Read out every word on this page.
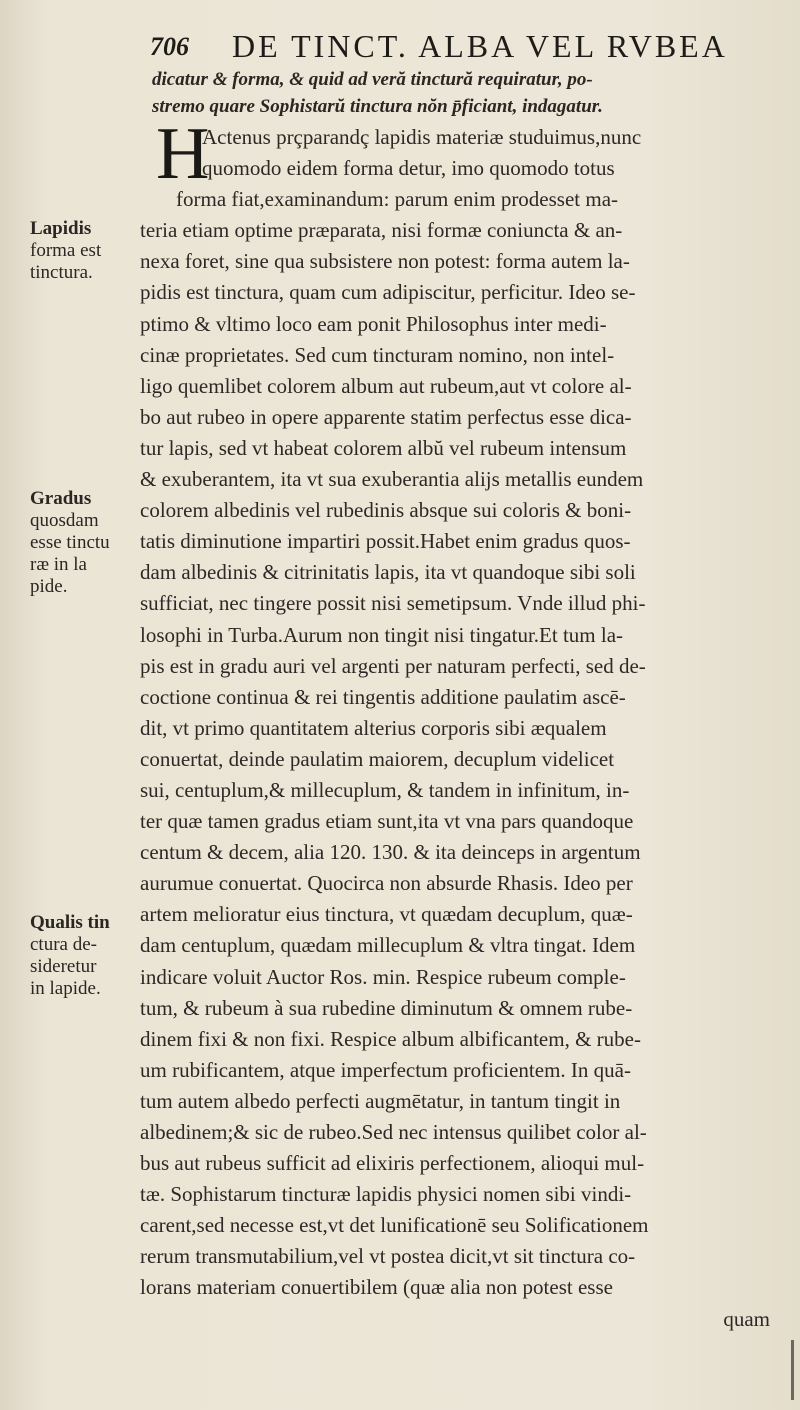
706 DE TINCT. ALBA VEL RVBEA
dicatur & forma, & quid ad veră tinctură requiratur, po-
stremo quare Sophistarŭ tinctura nŏn p̄ficiant, indagatur.
H
Actenus prçparandç lapidis materiæ studuimus,nunc
quomodo eidem forma detur, imo quomodo totus
forma fiat,examinandum: parum enim prodesset ma-
teria etiam optime præparata, nisi formæ coniuncta & an-
nexa foret, sine qua subsistere non potest: forma autem la-
pidis est tinctura, quam cum adipiscitur, perficitur. Ideo se-
ptimo & vltimo loco eam ponit Philosophus inter medi-
cinæ proprietates. Sed cum tincturam nomino, non intel-
ligo quemlibet colorem album aut rubeum,aut vt colore al-
bo aut rubeo in opere apparente statim perfectus esse dica-
tur lapis, sed vt habeat colorem albŭ vel rubeum intensum
& exuberantem, ita vt sua exuberantia alijs metallis eundem
colorem albedinis vel rubedinis absque sui coloris & boni-
tatis diminutione impartiri possit.Habet enim gradus quos-
dam albedinis & citrinitatis lapis, ita vt quandoque sibi soli
sufficiat, nec tingere possit nisi semetipsum. Vnde illud phi-
losophi in Turba.Aurum non tingit nisi tingatur.Et tum la-
pis est in gradu auri vel argenti per naturam perfecti, sed de-
coctione continua & rei tingentis additione paulatim ascē-
dit, vt primo quantitatem alterius corporis sibi æqualem
conuertat, deinde paulatim maiorem, decuplum videlicet
sui, centuplum,& millecuplum, & tandem in infinitum, in-
ter quæ tamen gradus etiam sunt,ita vt vna pars quandoque
centum & decem, alia 120. 130. & ita deinceps in argentum
aurumue conuertat. Quocirca non absurde Rhasis. Ideo per
artem melioratur eius tinctura, vt quædam decuplum, quæ-
dam centuplum, quædam millecuplum & vltra tingat. Idem
indicare voluit Auctor Ros. min. Respice rubeum comple-
tum, & rubeum à sua rubedine diminutum & omnem rube-
dinem fixi & non fixi. Respice album albificantem, & rube-
um rubificantem, atque imperfectum proficientem. In quā-
tum autem albedo perfecti augmētatur, in tantum tingit in
albedinem;& sic de rubeo.Sed nec intensus quilibet color al-
bus aut rubeus sufficit ad elixiris perfectionem, alioqui mul-
tæ. Sophistarum tincturæ lapidis physici nomen sibi vindi-
carent,sed necesse est,vt det lunificationē seu Solificationem
rerum transmutabilium,vel vt postea dicit,vt sit tinctura co-
lorans materiam conuertibilem (quæ alia non potest esse
quam
Lapidis
forma est
tinctura.
Gradus
quosdam
esse tinctu
ræ in la
pide.
Qualis tin
ctura de-
sideretur
in lapide.
